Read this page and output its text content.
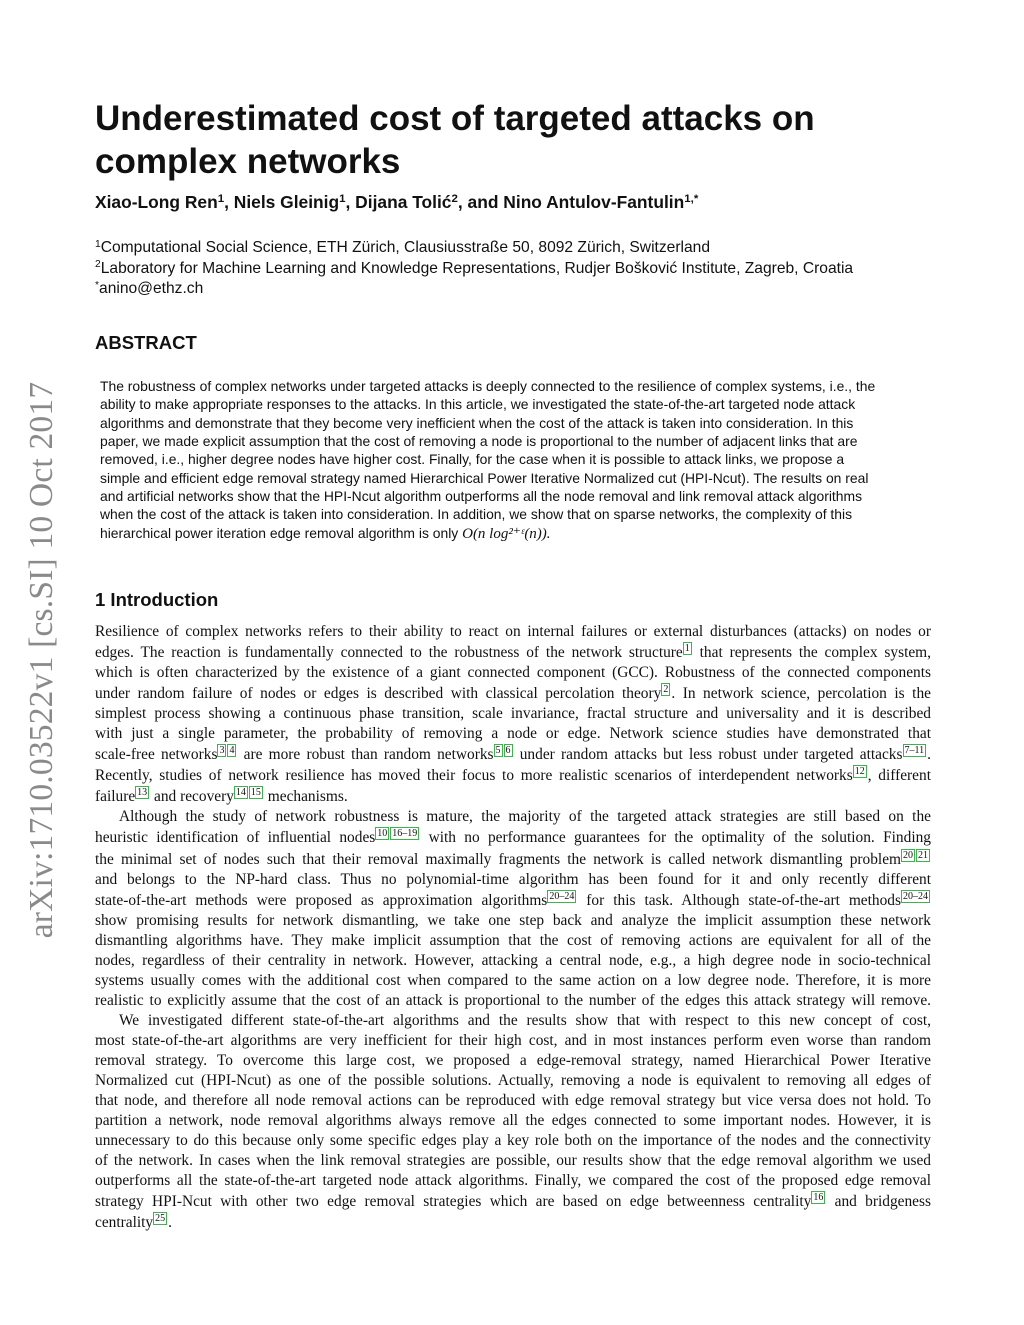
arXiv:1710.03522v1 [cs.SI] 10 Oct 2017
Underestimated cost of targeted attacks on complex networks
Xiao-Long Ren$^1$, Niels Gleinig$^1$, Dijana Tolić$^2$, and Nino Antulov-Fantulin$^{1,*}$
$^1$Computational Social Science, ETH Zürich, Clausiusstraße 50, 8092 Zürich, Switzerland
$^2$Laboratory for Machine Learning and Knowledge Representations, Rudjer Bošković Institute, Zagreb, Croatia
*anino@ethz.ch
ABSTRACT
The robustness of complex networks under targeted attacks is deeply connected to the resilience of complex systems, i.e., the
ability to make appropriate responses to the attacks. In this article, we investigated the state-of-the-art targeted node attack
algorithms and demonstrate that they become very inefficient when the cost of the attack is taken into consideration. In this
paper, we made explicit assumption that the cost of removing a node is proportional to the number of adjacent links that are
removed, i.e., higher degree nodes have higher cost. Finally, for the case when it is possible to attack links, we propose a
simple and efficient edge removal strategy named Hierarchical Power Iterative Normalized cut (HPI-Ncut). The results on real
and artificial networks show that the HPI-Ncut algorithm outperforms all the node removal and link removal attack algorithms
when the cost of the attack is taken into consideration. In addition, we show that on sparse networks, the complexity of this
hierarchical power iteration edge removal algorithm is only O(n log²⁺ᵋ(n)).
1 Introduction
Resilience of complex networks refers to their ability to react on internal failures or external disturbances (attacks) on nodes or
edges. The reaction is fundamentally connected to the robustness of the network structure 1 that represents the complex system,
which is often characterized by the existence of a giant connected component (GCC). Robustness of the connected components
under random failure of nodes or edges is described with classical percolation theory 2 . In network science, percolation is the
simplest process showing a continuous phase transition, scale invariance, fractal structure and universality and it is described
with just a single parameter, the probability of removing a node or edge. Network science studies have demonstrated that
scale-free networks 3 4 are more robust than random networks 5 6 under random attacks but less robust under targeted attacks 7–11 .
Recently, studies of network resilience has moved their focus to more realistic scenarios of interdependent networks 12 , different
failure 13 and recovery 14 15 mechanisms.
Although the study of network robustness is mature, the majority of the targeted attack strategies are still based on the
heuristic identification of influential nodes 10 16–19 with no performance guarantees for the optimality of the solution. Finding
the minimal set of nodes such that their removal maximally fragments the network is called network dismantling problem 20 21
and belongs to the NP-hard class. Thus no polynomial-time algorithm has been found for it and only recently different
state-of-the-art methods were proposed as approximation algorithms 20–24 for this task. Although state-of-the-art methods 20–24
show promising results for network dismantling, we take one step back and analyze the implicit assumption these network
dismantling algorithms have. They make implicit assumption that the cost of removing actions are equivalent for all of the
nodes, regardless of their centrality in network. However, attacking a central node, e.g., a high degree node in socio-technical
systems usually comes with the additional cost when compared to the same action on a low degree node. Therefore, it is more
realistic to explicitly assume that the cost of an attack is proportional to the number of the edges this attack strategy will remove.
We investigated different state-of-the-art algorithms and the results show that with respect to this new concept of cost,
most state-of-the-art algorithms are very inefficient for their high cost, and in most instances perform even worse than random
removal strategy. To overcome this large cost, we proposed a edge-removal strategy, named Hierarchical Power Iterative
Normalized cut (HPI-Ncut) as one of the possible solutions. Actually, removing a node is equivalent to removing all edges of
that node, and therefore all node removal actions can be reproduced with edge removal strategy but vice versa does not hold. To
partition a network, node removal algorithms always remove all the edges connected to some important nodes. However, it is
unnecessary to do this because only some specific edges play a key role both on the importance of the nodes and the connectivity
of the network. In cases when the link removal strategies are possible, our results show that the edge removal algorithm we used
outperforms all the state-of-the-art targeted node attack algorithms. Finally, we compared the cost of the proposed edge removal
strategy HPI-Ncut with other two edge removal strategies which are based on edge betweenness centrality 16 and bridgeness
centrality 25 .
